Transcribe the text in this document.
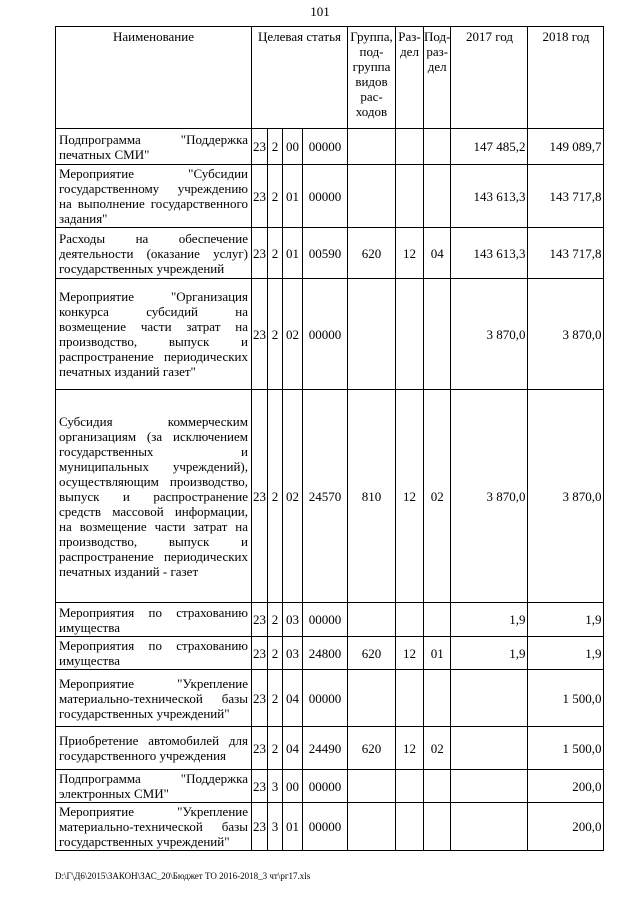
101
Наименование	Целевая статья				Группа, под-группа видов рас-ходов	Раз-дел	Под-раз-дел	2017 год	2018 год
Подпрограмма "Поддержка печатных СМИ"	23	2	00	00000				147 485,2	149 089,7
Мероприятие "Субсидии государственному учреждению на выполнение государственного задания"	23	2	01	00000				143 613,3	143 717,8
Расходы на обеспечение деятельности (оказание услуг) государственных учреждений	23	2	01	00590	620	12	04	143 613,3	143 717,8
Мероприятие "Организация конкурса субсидий на возмещение части затрат на производство, выпуск и распространение периодических печатных изданий газет"	23	2	02	00000				3 870,0	3 870,0
Субсидия коммерческим организациям (за исключением государственных и муниципальных учреждений), осуществляющим производство, выпуск и распространение средств массовой информации, на возмещение части затрат на производство, выпуск и распространение периодических печатных изданий - газет	23	2	02	24570	810	12	02	3 870,0	3 870,0
Мероприятия по страхованию имущества	23	2	03	00000				1,9	1,9
Мероприятия по страхованию имущества	23	2	03	24800	620	12	01	1,9	1,9
Мероприятие "Укрепление материально-технической базы государственных учреждений"	23	2	04	00000					1 500,0
Приобретение автомобилей для государственного учреждения	23	2	04	24490	620	12	02		1 500,0
Подпрограмма "Поддержка электронных СМИ"	23	3	00	00000					200,0
Мероприятие "Укрепление материально-технической базы государственных учреждений"	23	3	01	00000					200,0
D:\Г\Д6\2015\ЗАКОН\ЗАС_20\Бюджет ТО 2016-2018_3 чт\рг17.xls
